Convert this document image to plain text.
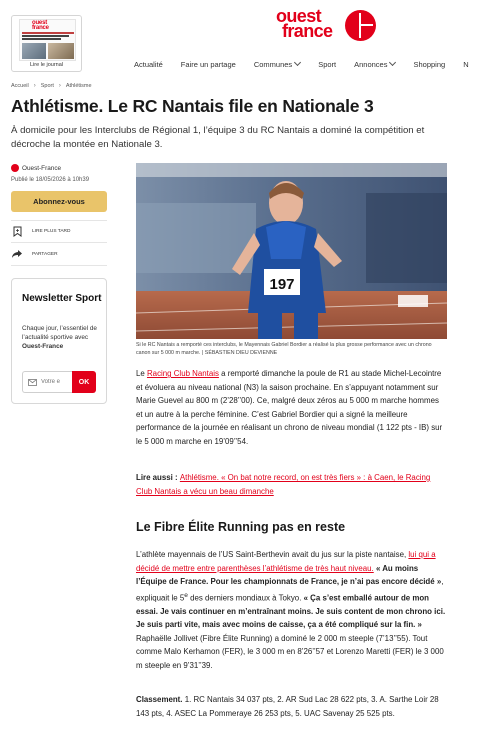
ouest
france
Lire le journal
ouest
france
Actualité Faire un partage Communes	Sport Annonces	Shopping N
Accueil › Sport › Athlétisme
Athlétisme. Le RC Nantais file en Nationale 3

À domicile pour les Interclubs de Régional 1, l’équipe 3 du RC Nantais a dominé la compétition et décroche la montée en Nationale 3.

Ouest-France
Publié le 18/05/2026 à 10h39
Abonnez-vous
LIRE PLUS TARD
PARTAGER
Newsletter Sport
Chaque jour, l’essentiel de l’actualité sportive avec Ouest-France
Votre e
OK
197
Si le RC Nantais a remporté ces interclubs, le Mayennais Gabriel Bordier a réalisé la plus grosse performance avec un chrono canon sur 5 000 m marche. | SÉBASTIEN DIEU DEVIENNE

Le Racing Club Nantais a remporté dimanche la poule de R1 au stade Michel-Lecointre et évoluera au niveau national (N3) la saison prochaine. En s’appuyant notamment sur Marie Guevel au 800 m (2’28’’00). Ce, malgré deux zéros au 5 000 m marche hommes et un autre à la perche féminine. C’est Gabriel Bordier qui a signé la meilleure performance de la journée en réalisant un chrono de niveau mondial (1 122 pts - IB) sur le 5 000 m marche en 19’09’’54.

Lire aussi : Athlétisme. « On bat notre record, on est très fiers » : à Caen, le Racing Club Nantais a vécu un beau dimanche

Le Fibre Élite Running pas en reste

L’athlète mayennais de l’US Saint-Berthevin avait du jus sur la piste nantaise, lui qui a décidé de mettre entre parenthèses l’athlétisme de très haut niveau. « Au moins l’Équipe de France. Pour les championnats de France, je n’ai pas encore décidé », expliquait le 5e des derniers mondiaux à Tokyo. « Ça s’est emballé autour de mon essai. Je vais continuer en m’entraînant moins. Je suis content de mon chrono ici. Je suis parti vite, mais avec moins de caisse, ça a été compliqué sur la fin. » Raphaëlle Jollivet (Fibre Élite Running) a dominé le 2 000 m steeple (7’13’’55). Tout comme Malo Kerhamon (FER), le 3 000 m en 8’26’’57 et Lorenzo Maretti (FER) le 3 000 m steeple en 9’31’’39.

Classement. 1. RC Nantais 34 037 pts, 2. AR Sud Lac 28 622 pts, 3. A. Sarthe Loir 28 143 pts, 4. ASEC La Pommeraye 26 253 pts, 5. UAC Savenay 25 525 pts.
